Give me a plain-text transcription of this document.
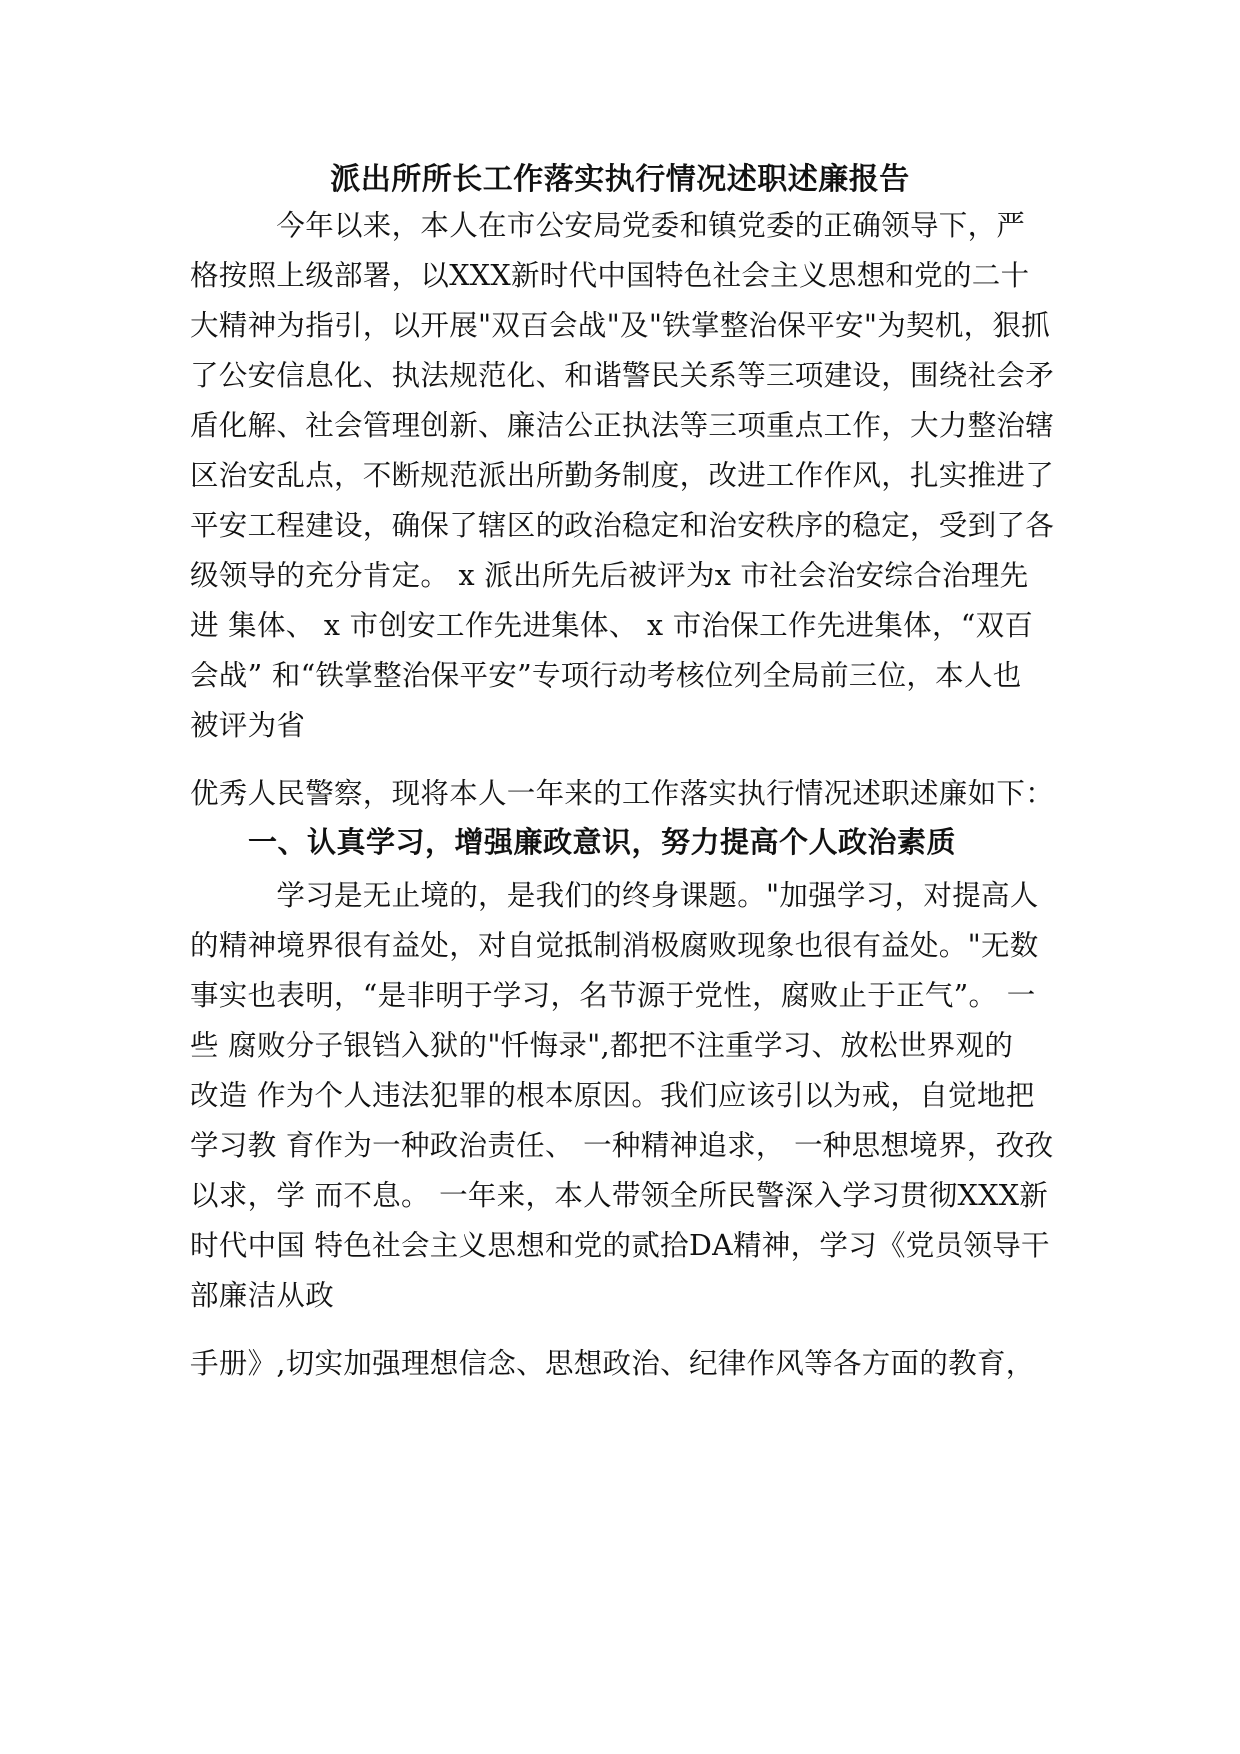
派出所所长工作落实执行情况述职述廉报告

　　　今年以来，本人在市公安局党委和镇党委的正确领导下，严

格按照上级部署，以XXX新时代中国特色社会主义思想和党的二十

大精神为指引，以开展"双百会战"及"铁掌整治保平安"为契机，狠抓

了公安信息化、执法规范化、和谐警民关系等三项建设，围绕社会矛

盾化解、社会管理创新、廉洁公正执法等三项重点工作，大力整治辖

区治安乱点，不断规范派出所勤务制度，改进工作作风，扎实推进了

平安工程建设，确保了辖区的政治稳定和治安秩序的稳定，受到了各

级领导的充分肯定。 x 派出所先后被评为x 市社会治安综合治理先

进 集体、 x 市创安工作先进集体、 x 市治保工作先进集体，“双百

会战” 和“铁掌整治保平安”专项行动考核位列全局前三位，本人也

被评为省

优秀人民警察，现将本人一年来的工作落实执行情况述职述廉如下：

一、认真学习，增强廉政意识，努力提高个人政治素质

　　　学习是无止境的，是我们的终身课题。"加强学习，对提高人

的精神境界很有益处，对自觉抵制消极腐败现象也很有益处。"无数

事实也表明，“是非明于学习，名节源于党性，腐败止于正气”。 一

些 腐败分子银铛入狱的"忏悔录",都把不注重学习、放松世界观的

改造 作为个人违法犯罪的根本原因。我们应该引以为戒，自觉地把

学习教 育作为一种政治责任、 一种精神追求， 一种思想境界，孜孜

以求，学 而不息。 一年来，本人带领全所民警深入学习贯彻XXX新

时代中国 特色社会主义思想和党的贰拾DA精神，学习《党员领导干

部廉洁从政

手册》,切实加强理想信念、思想政治、纪律作风等各方面的教育，
